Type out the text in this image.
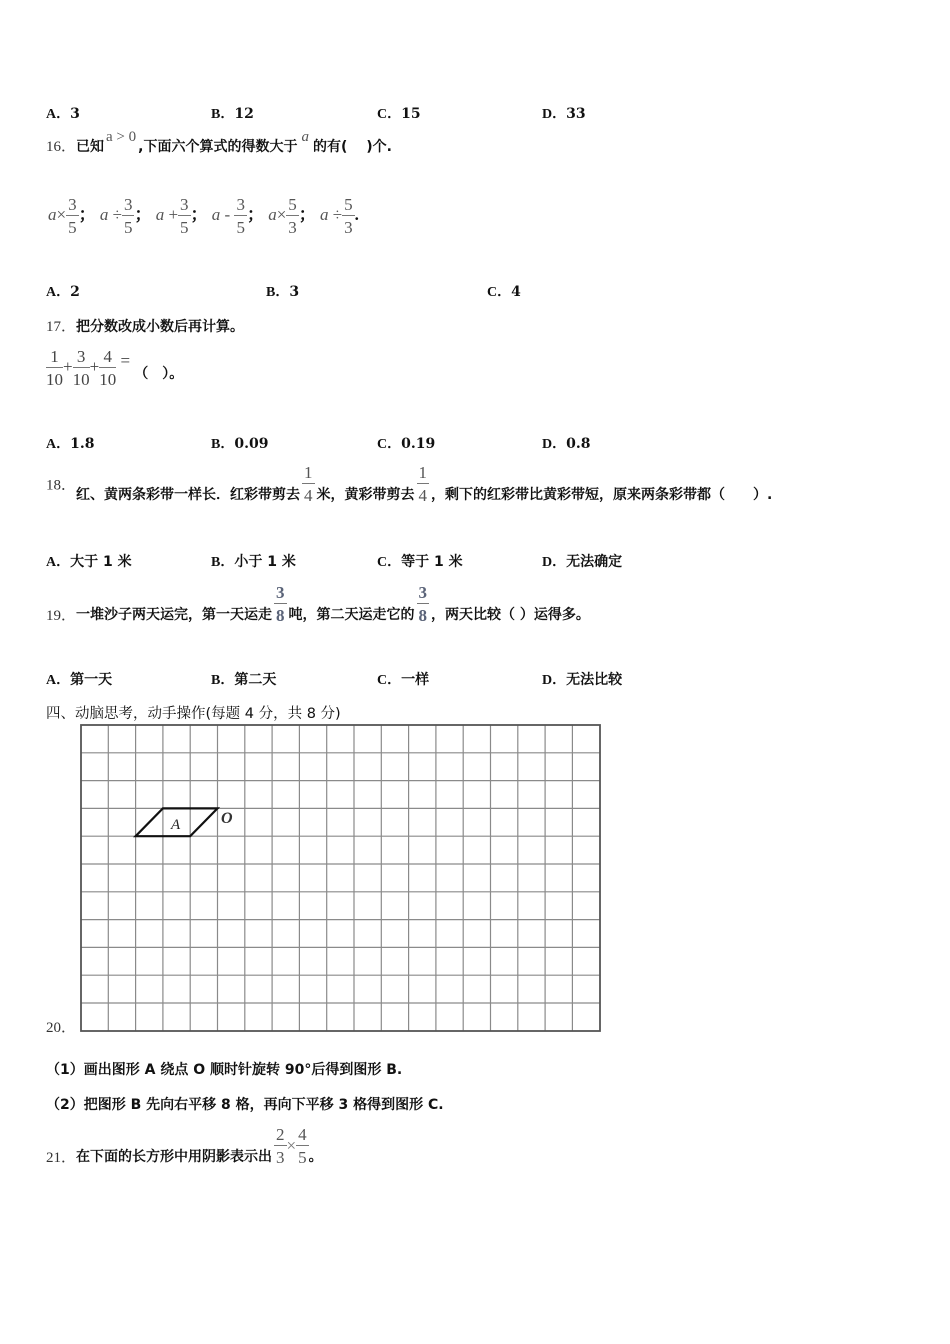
A．3	B．12	C．15	D．33
16．已知a > 0,下面六个算式的得数大于a的有(　 )个.
$a\times \frac{3}{5}$ ； $a \div \frac{3}{5}$ ； $a + \frac{3}{5}$ ； a - $\frac{3}{5}$ ； $a\times \frac{5}{3}$ ； $a \div \frac{5}{3}$ .
A．2	B．3	C．4
17．把分数改成小数后再计算。
$\frac{1}{10} + \frac{3}{10} + \frac{4}{10} = _{( )。}$
A．1.8	B．0.09	C．0.19	D．0.8
18．红、黄两条彩带一样长．红彩带剪去 $\frac{1}{4}$ 米，黄彩带剪去 $\frac{1}{4}$ ，剩下的红彩带比黄彩带短，原来两条彩带都（　　）.
A．大于 1 米	B．小于 1 米	C．等于 1 米	D．无法确定
19．一堆沙子两天运完，第一天运走 $\frac{3}{8}$ 吨，第二天运走它的 $\frac{3}{8}$ ，两天比较（ ）运得多。
A．第一天	B．第二天	C．一样	D．无法比较
四、动脑思考，动手操作(每题 4 分，共 8 分)
20．
A	O
（1）画出图形 A 绕点 O 顺时针旋转 90°后得到图形 B.
（2）把图形 B 先向右平移 8 格，再向下平移 3 格得到图形 C.
21．在下面的长方形中用阴影表示出 $\frac{2}{3} \times \frac{4}{5}$ 。
